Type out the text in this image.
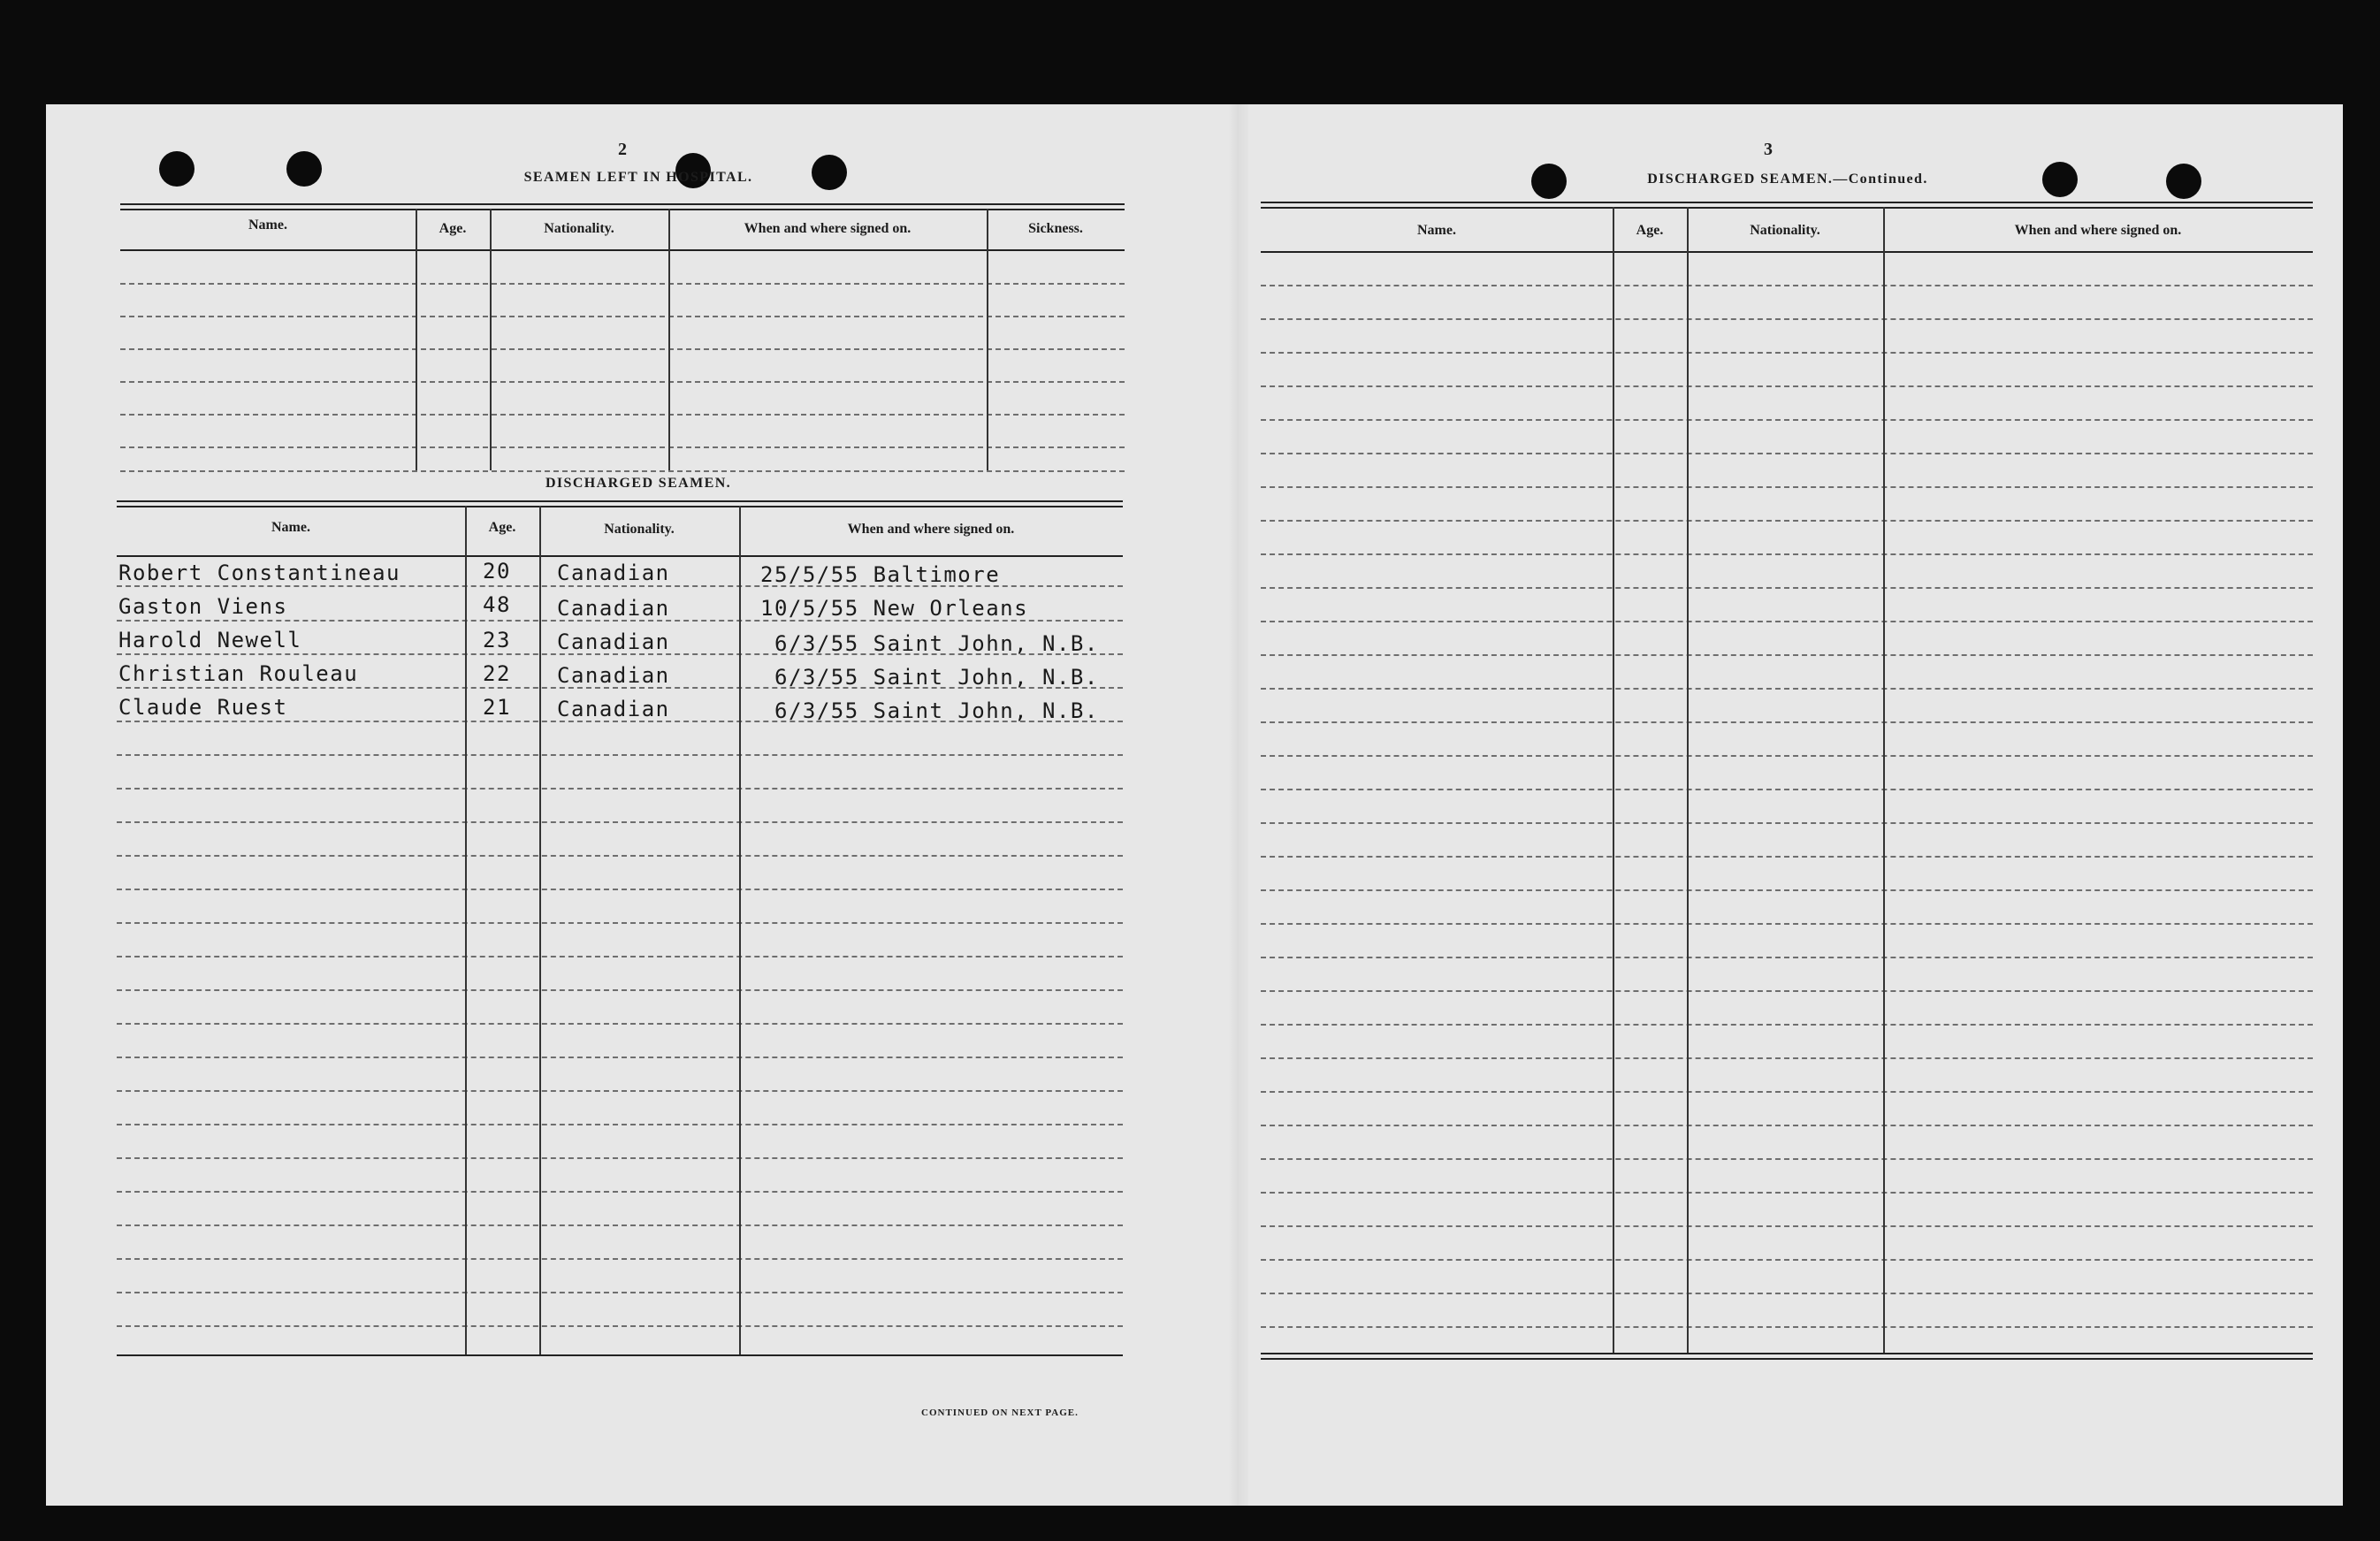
2
SEAMEN LEFT IN HOSPITAL.
Name.	Age.	Nationality.	When and where signed on.	Sickness.
DISCHARGED SEAMEN.
Name.	Age.	Nationality.	When and where signed on.
Robert Constantineau	20 Canadian	25/5/55 Baltimore
Gaston Viens	48 Canadian	10/5/55 New Orleans
Harold Newell	23 Canadian	6/3/55 Saint John, N.B.
Christian Rouleau	22 Canadian	6/3/55 Saint John, N.B.
Claude Ruest	21 Canadian	6/3/55 Saint John, N.B.
CONTINUED ON NEXT PAGE.
3
DISCHARGED SEAMEN.—Continued.
Name.	Age.	Nationality.	When and where signed on.
